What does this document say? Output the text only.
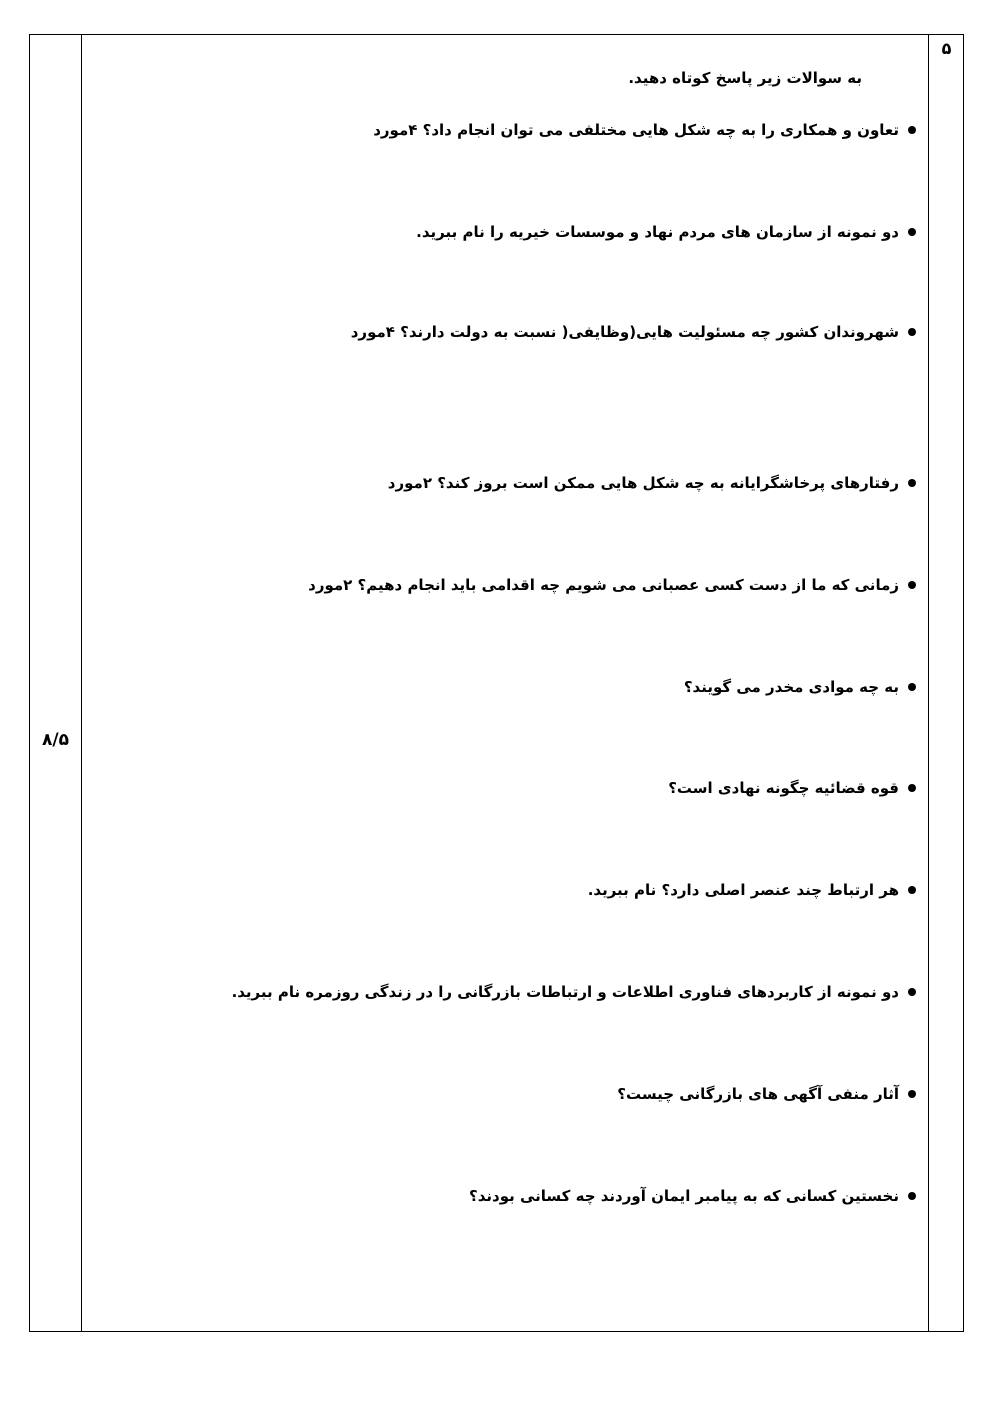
۸/۵
۵
به سوالات زیر پاسخ کوتاه دهید.
تعاون و همکاری را به چه شکل هایی مختلفی می توان انجام داد؟ ۴مورد
دو نمونه از سازمان های مردم نهاد و موسسات خیریه را نام ببرید.
شهروندان کشور چه مسئولیت هایی(وظایفی( نسبت به دولت دارند؟ ۴مورد
رفتارهای پرخاشگرایانه به چه شکل هایی ممکن است بروز کند؟ ۲مورد
زمانی که ما از دست کسی عصبانی می شویم چه اقدامی باید انجام دهیم؟ ۲مورد
به چه موادی مخدر می گویند؟
قوه قضائیه چگونه نهادی است؟
هر ارتباط چند عنصر اصلی دارد؟ نام ببرید.
دو نمونه از کاربردهای فناوری اطلاعات و ارتباطات بازرگانی را در زندگی روزمره نام ببرید.
آثار منفی آگهی های بازرگانی چیست؟
نخستین کسانی که به پیامبر ایمان آوردند چه کسانی بودند؟
